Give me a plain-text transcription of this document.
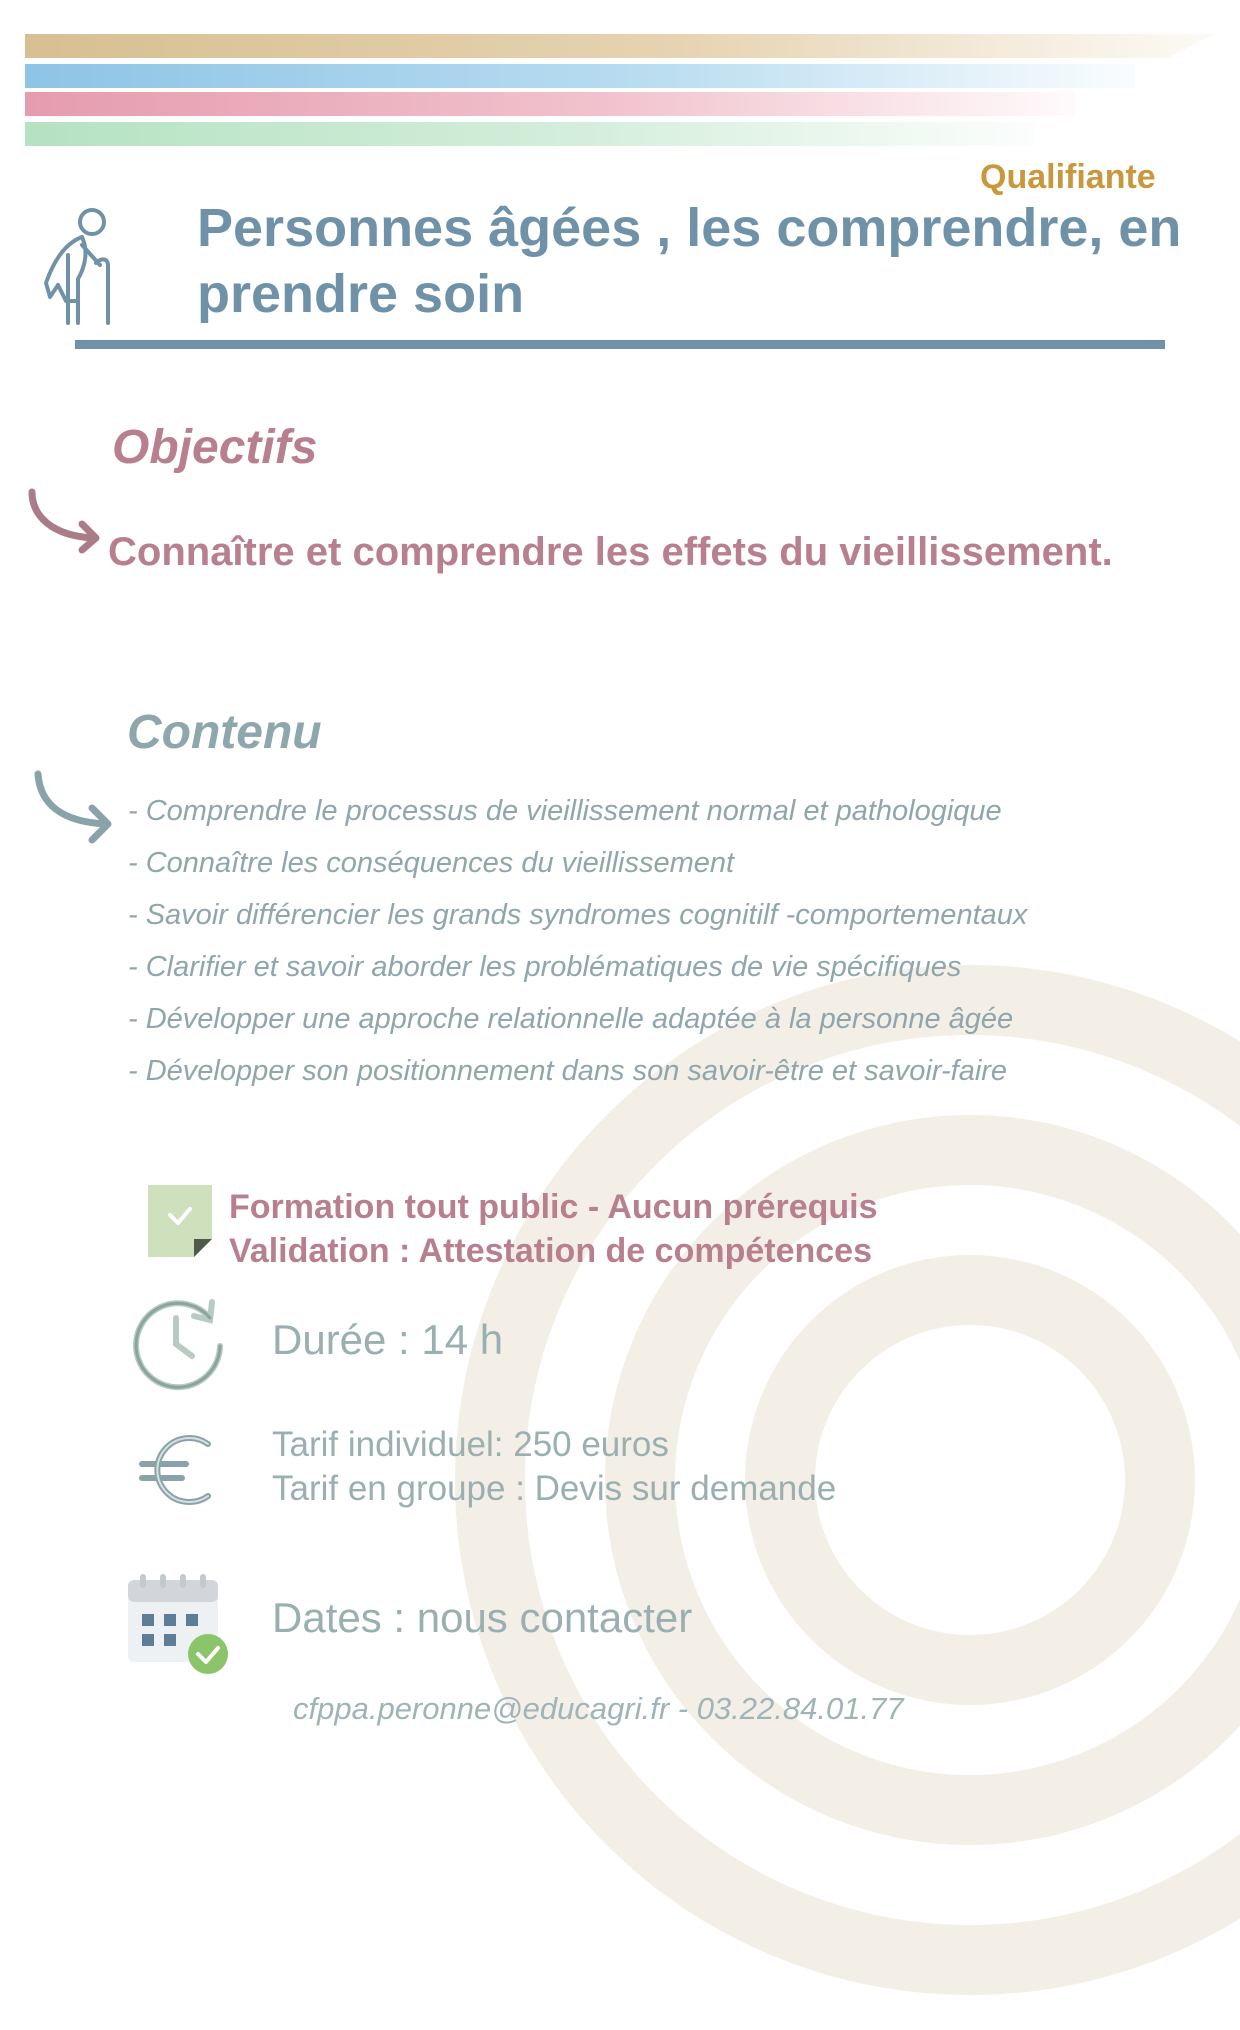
Qualifiante
Personnes âgées , les comprendre, en prendre soin
Objectifs
Connaître et comprendre les effets du vieillissement.
Contenu
- Comprendre le processus de vieillissement normal et pathologique
- Connaître les conséquences du vieillissement
- Savoir différencier les grands syndromes cognitilf -comportementaux
- Clarifier et savoir aborder les problématiques de vie spécifiques
- Développer une approche relationnelle adaptée à la personne âgée
- Développer son positionnement dans son savoir-être et savoir-faire
Formation tout public - Aucun prérequis
Validation : Attestation de compétences
Durée : 14 h
Tarif individuel: 250 euros
Tarif en groupe : Devis sur demande
Dates : nous contacter
cfppa.peronne@educagri.fr - 03.22.84.01.77
